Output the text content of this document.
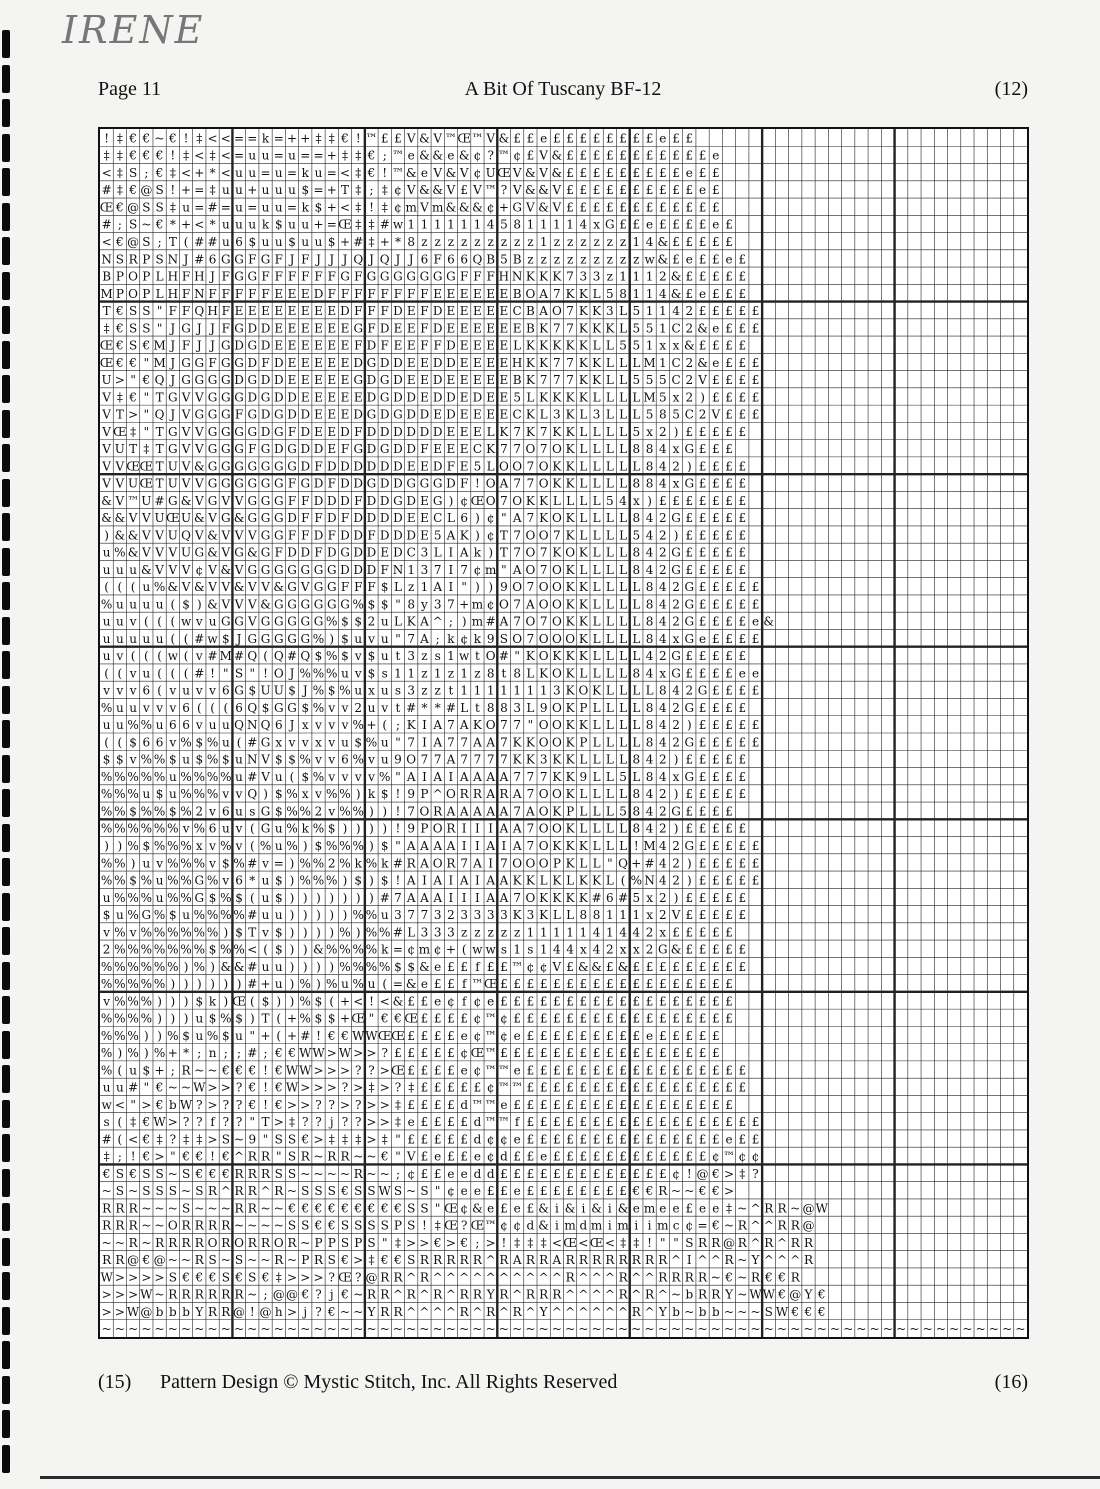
IRENE
Page 11	A Bit Of Tuscany BF-12	(12)
! ‡ € € ~ € ! ‡ < < = = k = + + ‡ ‡ € ! ™ £ £ V & V ™ Œ ™ V & £ £ e £ £ £ £ £ £ £ £ e £ £
‡ ‡ € € € ! ‡ < ‡ < = u u = u = = + ‡ ‡ € ; ™ e & & e & ¢ ? ™ ¢ £ V & £ £ £ £ £ £ £ £ £ £ £ e
< ‡ S ; € ‡ < + * < u u = u = k u = < ‡ € ! ™ & e V & V ¢ U Œ V & V & £ £ £ £ £ £ £ £ £ e £ £
# ‡ € @ S ! + = ‡ u u + u u u $ = + T ‡ ; ‡ ¢ V & & V £ V ™ ? V & & V £ £ £ £ £ £ £ £ £ £ e £
Œ € @ S S ‡ u = # = u = u u = k $ + < ‡ ! ‡ ¢ m V m & & & ¢ + G V & V £ £ £ £ £ £ £ £ £ £ £ £
# ; S ~ € * + < * u u u k $ u u + = Œ ‡ ‡ # w 1 1 1 1 1 1 4 5 8 1 1 1 1 4 x G £ £ e £ £ £ £ e £
< € @ S ; T ( # # u 6 $ u u $ u u $ + # ‡ + * 8 z z z z z z z z z 1 z z z z z z 1 4 & £ £ £ £ £
N S R P S N J # 6 G G F G F J F J J J Q J Q J J 6 F 6 6 Q B 5 B z z z z z z z z z w & £ e £ £ e £
B P O P L H F H J F G G F F F F F F G F G G G G G G G F F F H N K K K 7 3 3 z 1 1 1 2 & £ £ £ £ £
M P O P L H F N F F F F F E E E D F F F F F F F F E E E E E E B O A 7 K K L 5 8 1 1 4 & £ e £ £ £
T € S S " F F Q H F E E E E E E E E D F F F D E F D E E E E E C B A O 7 K K 3 L 5 1 1 4 2 £ £ £ £ £
‡ € S S " J G J J F G D D E E E E E E G F D E E F D E E E E E E B K 7 7 K K K L 5 5 1 C 2 & e £ £ £
Œ € S € M J F J J G D G D E E E E E E F D F E E F F D E E E E L K K K K K L L 5 5 1 x x & £ £ £ £
Œ € € " M J G G F G G D F D E E E E E D G D D E E D D E E E E H K K 7 7 K K L L L M 1 C 2 & e £ £ £
U > " € Q J G G G G D G D D E E E E E G D G D E E D E E E E E B K 7 7 7 K K L L 5 5 5 C 2 V £ £ £ £
V ‡ € " T G V V G G G D G D D E E E E E D G D D E D D E D E E 5 L K K K K L L L L M 5 x 2 ) £ £ £ £
V T > " Q J V G G G F G D G D D E E E D G D G D D E D E E E E C K L 3 K L 3 L L L 5 8 5 C 2 V £ £ £
V Œ ‡ " T G V V G G G G D G F D E E D F D D D D D D E E E L K 7 K 7 K K L L L L 5 x 2 ) £ £ £ £ £
V U T ‡ T G V V G G G F G D G D D E F G D G D D F E E E C K 7 7 O 7 O K L L L L 8 8 4 x G £ £ £
V V Œ Œ T U V & G G G G G G G D F D D D D D D E E D F E 5 L O O 7 O K K L L L L L 8 4 2 ) £ £ £ £
V V U Œ T U V V G G G G G G F G D F D D G D D G G G D F ! O A 7 7 O K K L L L L 8 8 4 x G £ £ £ £
& V ™ U # G & V G V V G G G F F D D D F D D G D E G ) ¢ Œ O 7 O K K L L L L 5 4 x ) £ £ £ £ £ £ £
& & V V U Œ U & V G & G G G D F F D F D D D D E E C L 6 ) ¢ " A 7 K O K L L L L 8 4 2 G £ £ £ £ £
) & & V V U Q V & V V V G G F F D F D D F D D D E 5 A K ) ¢ T 7 O O 7 K L L L L 5 4 2 ) £ £ £ £ £
u % & V V V U G & V G & G F D D F D G D D E D C 3 L I A k ) T 7 O 7 K O K L L L 8 4 2 G £ £ £ £ £
u u u & V V V ¢ V & V G G G G G G G D D D F N 1 3 7 I 7 ¢ m " A O 7 O K L L L L 8 4 2 G £ £ £ £ £
( ( ( u % & V & V V & V V & G V G G F F F $ L z 1 A I " ) ) 9 O 7 O O K K L L L L 8 4 2 G £ £ £ £ £
% u u u u ( $ ) & V V V & G G G G G G % $ $ " 8 y 3 7 + m ¢ O 7 A O O K K L L L L 8 4 2 G £ £ £ £ £
u u v ( ( ( w v u G G V G G G G G % $ $ 2 u L K A ^ ; ) m # A 7 O 7 O K K L L L L 8 4 2 G £ £ £ £ e &
u u u u u ( ( # w $ J G G G G G % ) $ u v u " 7 A ; k ¢ k 9 S O 7 O O O K L L L L 8 4 x G e £ £ £ £
u v ( ( ( w ( v # M # Q ( Q # Q $ % $ v $ u t 3 z s 1 w t O # " K O K K K L L L L 4 2 G £ £ £ £ £
( ( v u ( ( ( # ! " S " ! O J % % % u v $ s 1 1 z 1 z 1 z 8 t 8 L K O K L L L L 8 4 x G £ £ £ £ e e
v v v 6 ( v u v v 6 G $ U U $ J % $ % u x u s 3 z z t 1 1 1 1 1 1 1 3 K O K L L L L 8 4 2 G £ £ £ £
% u u v v v 6 ( ( ( 6 Q $ G G $ % v v 2 u v t # * * # L t 8 8 3 L 9 O K P L L L L 8 4 2 G £ £ £ £
u u % % u 6 6 v u u Q N Q 6 J x v v v % + ( ; K I A 7 A K O 7 7 " O O K K L L L L 8 4 2 ) £ £ £ £ £
( ( $ 6 6 v % $ % u ( # G x v v x v u $ % u " 7 I A 7 7 A A 7 K K O O K P L L L L 8 4 2 G £ £ £ £ £
$ $ v % % $ u $ % $ u N V $ $ % v v 6 % v u 9 O 7 7 A 7 7 7 7 K K 3 K K L L L L 8 4 2 ) £ £ £ £ £
% % % % % u % % % % u # V u ( $ % v v v v % " A I A I A A A A 7 7 7 K K 9 L L 5 L 8 4 x G £ £ £ £
% % % u $ u % % % v v Q ) $ % x v % % ) k $ ! 9 P ^ O R R A R A 7 O O K L L L L 8 4 2 ) £ £ £ £ £
% % $ % % $ % 2 v 6 u s G $ % % 2 v % % ) ) ! 7 O R A A A A A 7 A O K P L L L 5 8 4 2 G £ £ £ £
% % % % % % v % 6 u v ( G u % k % $ ) ) ) ) ! 9 P O R I I I A A 7 O O K L L L L 8 4 2 ) £ £ £ £ £
) ) % $ % % % x v % v ( % u % ) $ % % % ) $ " A A A A I I A I A 7 O K K K L L L ! M 4 2 G £ £ £ £ £
% % ) u v % % % v $ % # v = ) % % 2 % k % k # R A O R 7 A I 7 O O O P K L L " Q + # 4 2 ) £ £ £ £ £
% % $ % u % % G % v 6 * u $ ) % % % ) $ ) $ ! A I A I A I A A K K L K L K K L ( % N 4 2 ) £ £ £ £ £
u % % % u % % G $ % $ ( u $ ) ) ) ) ) ) ) # 7 A A A I I I A A 7 O K K K K # 6 # 5 x 2 ) £ £ £ £ £
$ u % G % $ u % % % % # u u ) ) ) ) ) % % u 3 7 7 3 2 3 3 3 3 K 3 K L L 8 8 1 1 1 x 2 V £ £ £ £ £
v % v % % % % % % ) $ T v $ ) ) ) ) % ) % % # L 3 3 3 z z z z z 1 1 1 1 1 4 1 4 4 2 x £ £ £ £ £
2 % % % % % % % $ % % < ( $ ) ) & % % % % k = ¢ m ¢ + ( w w s 1 s 1 4 4 x 4 2 x x 2 G & £ £ £ £ £
% % % % % % ) % ) & & # u u ) ) ) ) % % % % $ $ & e £ £ f £ £ ™ ¢ ¢ V £ & & £ & £ £ £ £ £ £ £ £ £
% % % % % ) ) ) ) ) ) # + u ) % ) % u % u ( = & e £ £ f ™ Œ £ £ £ £ £ £ £ £ £ £ £ £ £ £ £ £ £ £
v % % % ) ) ) $ k ) Œ ( $ ) ) % $ ( + < ! < & £ £ e ¢ f ¢ e £ £ £ £ £ £ £ £ £ £ £ £ £ £ £ £ £ £
% % % % ) ) ) u $ % $ ) T ( + % $ $ + Œ " € € Œ £ £ £ £ ¢ ™ ¢ £ £ £ £ £ £ £ £ £ £ £ £ £ £ £ £ £
% % % ) ) % $ u % $ u " + ( + # ! € € W W Œ Œ £ £ £ £ e ¢ ™ ¢ e £ £ £ £ £ £ £ £ £ e £ £ £ £ £
% ) % ) % + * ; n ; ; # ; € € W W > W > > ? £ £ £ £ £ ¢ Œ ™ £ £ £ £ £ £ £ £ £ £ £ £ £ £ £ £ £
% ( u $ + ; R ~ ~ € € € ! € W W > > > ? ? > Œ £ £ £ £ e ¢ ™ ™ e £ £ £ £ £ £ £ £ £ £ £ £ £ £ £ £ £
u u # " € ~ ~ W > > ? € ! € W > > > ? > ‡ > ? ‡ £ £ £ £ £ ¢ ™ ™ £ £ £ £ £ £ £ £ £ £ £ £ £ £ £ £ £
w < " > € b W ? > ? ? € ! € > > ? ? > ? > > ‡ £ £ £ £ d ™ ™ e £ £ £ £ £ £ £ £ £ £ £ £ £ £ £ £ £
s ( ‡ € W > ? ? f ? ? " T > ‡ ? ? j ? ? > > ‡ e £ £ £ £ d ™ ™ f £ £ £ £ £ £ £ £ £ £ £ £ £ £ £ £ £ £
# ( < € ‡ ? ‡ ‡ > S ~ 9 " S S € > ‡ ‡ ‡ > ‡ " £ £ £ £ £ d ¢ ¢ e £ £ £ £ £ £ £ £ £ £ £ £ £ £ £ e £ £
‡ ; ! € > " € € ! € ^ R R " S R ~ R R ~ ~ € " V £ e £ £ e ¢ d £ £ e £ £ £ £ £ £ £ £ £ £ £ £ ¢ ™ ¢ ¢
€ S € S S ~ S € € € R R R S S ~ ~ ~ ~ R ~ ~ ; ¢ £ £ e e d d £ £ £ £ £ £ £ £ £ £ £ £ £ ¢ ! @ € > ‡ ?
~ S ~ S S S ~ S R ^ R R ^ R ~ S S S € S S W S ~ S " ¢ e e £ £ e £ £ £ £ £ £ £ £ € € R ~ ~ € € >
R R R ~ ~ ~ S ~ ~ ~ R R ~ ~ € € € € € € € € € S S " Œ ¢ & e £ e £ & i & i & i & e m e e £ e e ‡ ~ ^ R R ~ @ W
R R R ~ ~ O R R R R ~ ~ ~ ~ S S € € S S S S P S ! ‡ Œ ? Œ ™ ¢ ¢ d & i m d m i m i i m c ¢ = € ~ R ^ ^ R R @
~ ~ R ~ R R R R O R O R R O R ~ P P S P S " ‡ > > € > € ; > ! ‡ ‡ ‡ < Œ < Œ < ‡ ‡ ! " " S R R @ R ^ R ^ R R
R R @ € @ ~ ~ R S ~ S ~ ~ R ~ P R S € > ‡ € € S R R R R R ^ R A R R A R R R R R R R R ^ I ^ ^ R ~ Y ^ ^ ^ R
W > > > > S € € € S € S € ‡ > > > ? Œ ? @ R R ^ R ^ ^ ^ ^ ^ ^ ^ ^ ^ ^ R ^ ^ ^ R ^ ^ R R R R ~ € ~ R € € R
> > > W ~ R R R R R R ~ ; @ @ € ? j € ~ R R ^ R ^ R ^ R R Y R ^ R R R ^ ^ ^ ^ R ^ R ^ ~ b R R Y ~ W W € @ Y €
> > W @ b b b Y R R @ ! @ h > j ? € ~ ~ Y R R ^ ^ ^ ^ R ^ R ^ R ^ Y ^ ^ ^ ^ ^ ^ R ^ Y b ~ b b ~ ~ ~ S W € € €
~ ~ ~ ~ ~ ~ ~ ~ ~ ~ ~ ~ ~ ~ ~ ~ ~ ~ ~ ~ ~ ~ ~ ~ ~ ~ ~ ~ ~ ~ ~ ~ ~ ~ ~ ~ ~ ~ ~ ~ ~ ~ ~ ~ ~ ~ ~ ~ ~ ~ ~ ~ ~ ~ ~ ~ ~ ~ ~ ~ ~ ~ ~ ~ ~ ~ ~ ~ ~ ~
(15) Pattern Design © Mystic Stitch, Inc. All Rights Reserved	(16)
